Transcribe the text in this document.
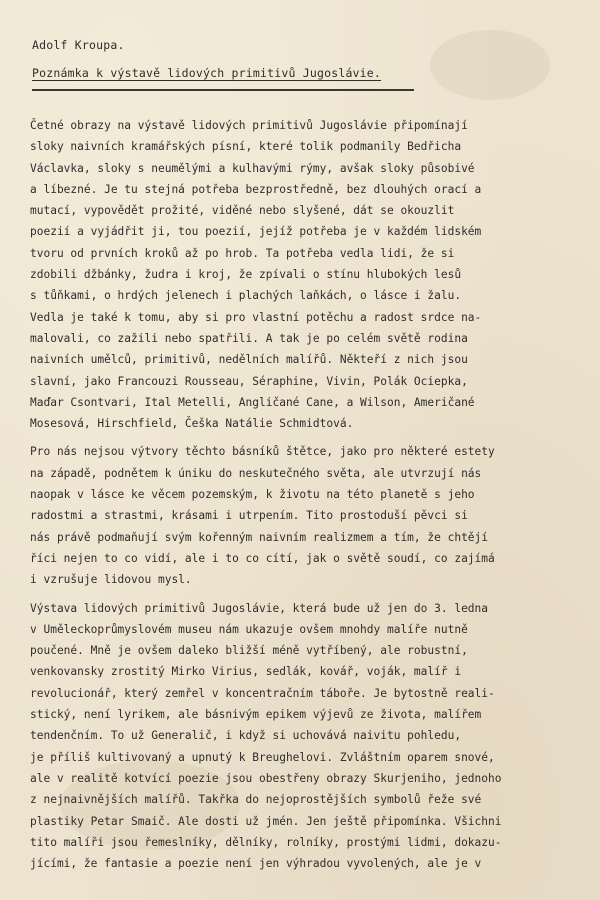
Adolf Kroupa.
Poznámka k výstavě lidových primitivů Jugoslávie.

Četné obrazy na výstavě lidových primitivů Jugoslávie připomínají
sloky naivních kramářských písní, které tolik podmanily Bedřicha
Václavka, sloky s neumělými a kulhavými rýmy, avšak sloky působivé
a líbezné. Je tu stejná potřeba bezprostředně, bez dlouhých orací a
mutací, vypovědět prožité, viděné nebo slyšené, dát se okouzlit
poezií a vyjádřit ji, tou poezií, jejíž potřeba je v každém lidském
tvoru od prvních kroků až po hrob. Ta potřeba vedla lidi, že si
zdobili džbánky, žudra i kroj, že zpívali o stínu hlubokých lesů
s tůňkami, o hrdých jelenech i plachých laňkách, o lásce i žalu.
Vedla je také k tomu, aby si pro vlastní potěchu a radost srdce na-
malovali, co zažili nebo spatřili. A tak je po celém světě rodina
naivních umělců, primitivů, nedělních malířů. Někteří z nich jsou
slavní, jako Francouzi Rousseau, Séraphine, Vivin, Polák Ociepka,
Maďar Csontvari, Ital Metelli, Angličané Cane, a Wilson, Američané
Mosesová, Hirschfield, Češka Natálie Schmidtová.

Pro nás nejsou výtvory těchto básníků štětce, jako pro některé estety
na západě, podnětem k úniku do neskutečného světa, ale utvrzují nás
naopak v lásce ke věcem pozemským, k životu na této planetě s jeho
radostmi a strastmi, krásami i utrpením. Tito prostoduší pěvci si
nás právě podmaňují svým kořenným naivním realizmem a tím, že chtějí
říci nejen to co vidí, ale i to co cítí, jak o světě soudí, co zajímá
i vzrušuje lidovou mysl.

Výstava lidových primitivů Jugoslávie, která bude už jen do 3. ledna
v Uměleckoprůmyslovém museu nám ukazuje ovšem mnohdy malíře nutně
poučené. Mně je ovšem daleko bližší méně vytříbený, ale robustní,
venkovansky zrostitý Mirko Virius, sedlák, kovář, voják, malíř i
revolucionář, který zemřel v koncentračním táboře. Je bytostně reali-
stický, není lyrikem, ale básnivým epikem výjevů ze života, malířem
tendenčním. To už Generalič, i když si uchovává naivitu pohledu,
je příliš kultivovaný a upnutý k Breughelovi. Zvláštním oparem snové,
ale v realitě kotvící poezie jsou obestřeny obrazy Skurjeniho, jednoho
z nejnaivnějších malířů. Takřka do nejoprostějších symbolů řeže své
plastiky Petar Smaič. Ale dosti už jmén. Jen ještě připomínka. Všichni
tito malíři jsou řemeslníky, dělníky, rolníky, prostými lidmi, dokazu-
jícími, že fantasie a poezie není jen výhradou vyvolených, ale je v
